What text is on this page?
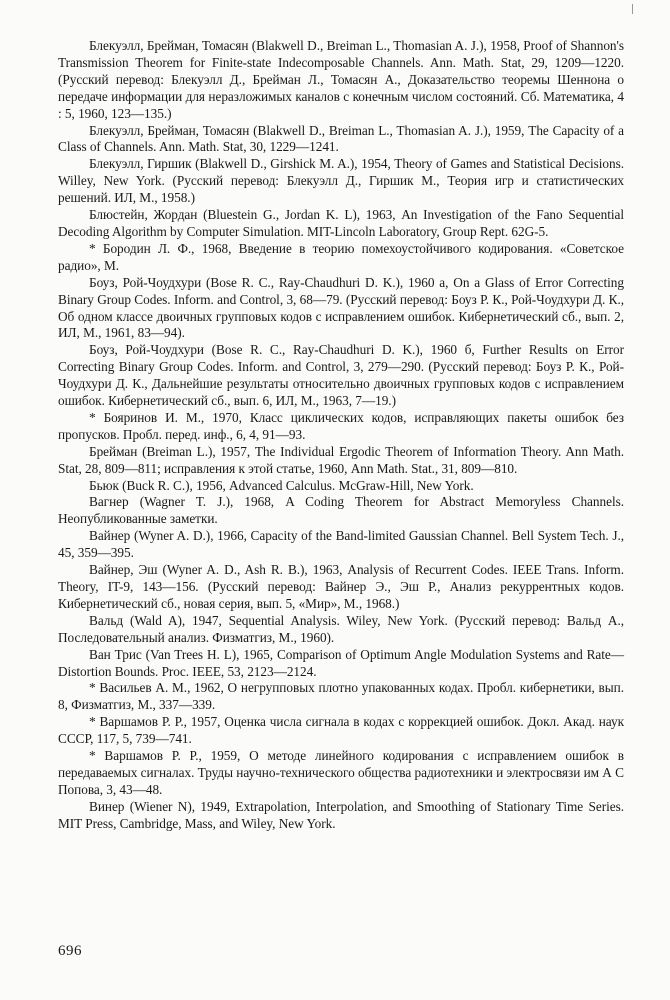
Блекуэлл, Брейман, Томасян (Blakwell D., Breiman L., Thomasian A. J.), 1958, Proof of Shannon's Transmission Theorem for Finite-state Indecomposable Channels. Ann. Math. Stat, 29, 1209—1220. (Русский перевод: Блекуэлл Д., Брейман Л., Томасян А., Доказательство теоремы Шеннона о передаче информации для неразложимых каналов с конечным числом состояний. Сб. Математика, 4 : 5, 1960, 123—135.)

Блекуэлл, Брейман, Томасян (Blakwell D., Breiman L., Thomasian A. J.), 1959, The Capacity of a Class of Channels. Ann. Math. Stat, 30, 1229—1241.

Блекуэлл, Гиршик (Blakwell D., Girshick M. A.), 1954, Theory of Games and Statistical Decisions. Willey, New York. (Русский перевод: Блекуэлл Д., Гиршик М., Теория игр и статистических решений. ИЛ, М., 1958.)

Блюстейн, Жордан (Bluestein G., Jordan K. L), 1963, An Investigation of the Fano Sequential Decoding Algorithm by Computer Simulation. MIT-Lincoln Laboratory, Group Rept. 62G-5.

* Бородин Л. Ф., 1968, Введение в теорию помехоустойчивого кодирования. «Советское радио», М.

Боуз, Рой-Чоудхури (Bose R. C., Ray-Chaudhuri D. K.), 1960 a, On a Glass of Error Correcting Binary Group Codes. Inform. and Control, 3, 68—79. (Русский перевод: Боуз Р. К., Рой-Чоудхури Д. К., Об одном классе двоичных групповых кодов с исправлением ошибок. Кибернетический сб., вып. 2, ИЛ, М., 1961, 83—94).

Боуз, Рой-Чоудхури (Bose R. C., Ray-Chaudhuri D. K.), 1960 б, Further Results on Error Correcting Binary Group Codes. Inform. and Control, 3, 279—290. (Русский перевод: Боуз Р. К., Рой-Чоудхури Д. К., Дальнейшие результаты относительно двоичных групповых кодов с исправлением ошибок. Кибернетический сб., вып. 6, ИЛ, М., 1963, 7—19.)

* Бояринов И. М., 1970, Класс циклических кодов, исправляющих пакеты ошибок без пропусков. Пробл. перед. инф., 6, 4, 91—93.

Брейман (Breiman L.), 1957, The Individual Ergodic Theorem of Information Theory. Ann Math. Stat, 28, 809—811; исправления к этой статье, 1960, Ann Math. Stat., 31, 809—810.

Бьюк (Buck R. C.), 1956, Advanced Calculus. McGraw-Hill, New York.

Вагнер (Wagner T. J.), 1968, A Coding Theorem for Abstract Memoryless Channels. Неопубликованные заметки.

Вайнер (Wyner A. D.), 1966, Capacity of the Band-limited Gaussian Channel. Bell System Tech. J., 45, 359—395.

Вайнер, Эш (Wyner A. D., Ash R. B.), 1963, Analysis of Recurrent Codes. IEEE Trans. Inform. Theory, IT-9, 143—156. (Русский перевод: Вайнер Э., Эш Р., Анализ рекуррентных кодов. Кибернетический сб., новая серия, вып. 5, «Мир», М., 1968.)

Вальд (Wald A), 1947, Sequential Analysis. Wiley, New York. (Русский перевод: Вальд А., Последовательный анализ. Физматгиз, М., 1960).

Ван Трис (Van Trees H. L), 1965, Comparison of Optimum Angle Modulation Systems and Rate—Distortion Bounds. Proc. IEEE, 53, 2123—2124.

* Васильев А. М., 1962, О негрупповых плотно упакованных кодах. Пробл. кибернетики, вып. 8, Физматгиз, М., 337—339.

* Варшамов Р. Р., 1957, Оценка числа сигнала в кодах с коррекцией ошибок. Докл. Акад. наук СССР, 117, 5, 739—741.

* Варшамов Р. Р., 1959, О методе линейного кодирования с исправлением ошибок в передаваемых сигналах. Труды научно-технического общества радиотехники и электросвязи им А С Попова, 3, 43—48.

Винер (Wiener N), 1949, Extrapolation, Interpolation, and Smoothing of Stationary Time Series. MIT Press, Cambridge, Mass, and Wiley, New York.

696
